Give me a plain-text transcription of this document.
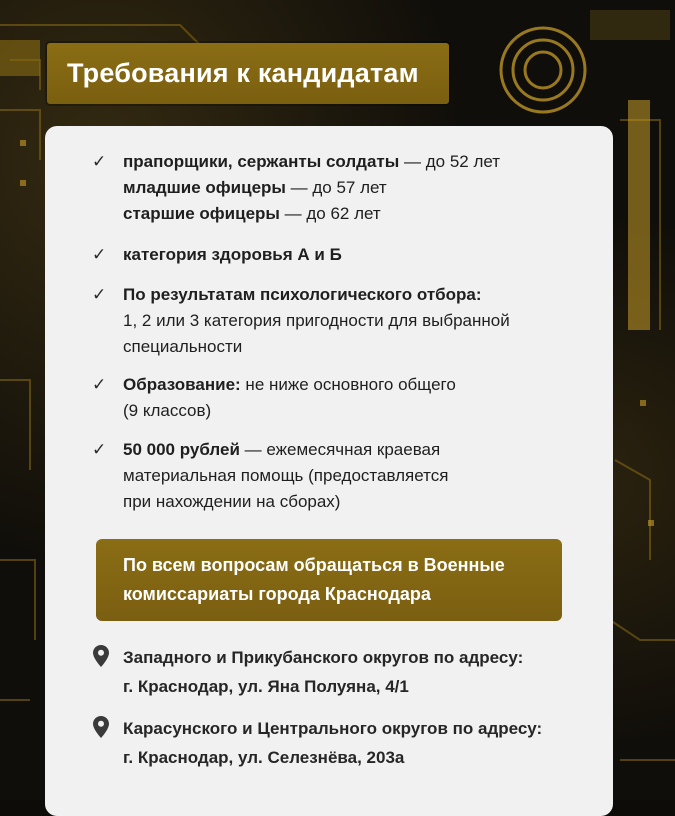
Требования к кандидатам
✓ прапорщики, сержанты солдаты — до 52 лет
младшие офицеры — до 57 лет
старшие офицеры — до 62 лет
✓ категория здоровья А и Б
✓ По результатам психологического отбора:
1, 2 или 3 категория пригодности для выбранной
специальности
✓ Образование: не ниже основного общего
(9 классов)
✓ 50 000 рублей — ежемесячная краевая
материальная помощь (предоставляется
при нахождении на сборах)
По всем вопросам обращаться в Военные
комиссариаты города Краснодара
Западного и Прикубанского округов по адресу:
г. Краснодар, ул. Яна Полуяна, 4/1
Карасунского и Центрального округов по адресу:
г. Краснодар, ул. Селезнёва, 203а
